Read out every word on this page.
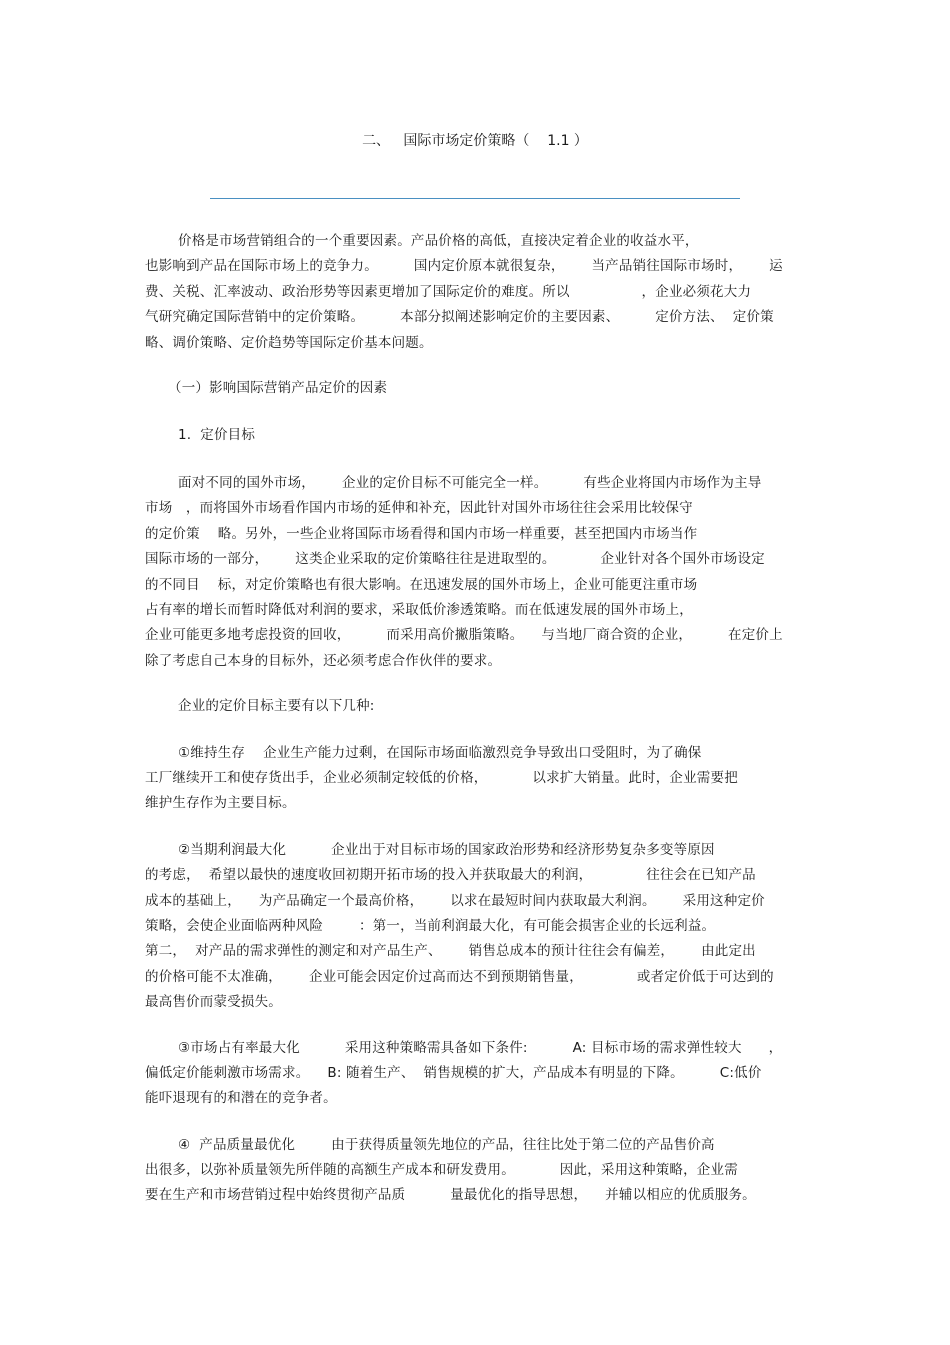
二、   国际市场定价策略（    1.1 ）
价格是市场营销组合的一个重要因素。产品价格的高低，直接决定着企业的收益水平，
也影响到产品在国际市场上的竞争力。        国内定价原本就很复杂，      当产品销往国际市场时，      运
费、关税、汇率波动、政治形势等因素更增加了国际定价的难度。所以                ，企业必须花大力
气研究确定国际营销中的定价策略。        本部分拟阐述影响定价的主要因素、        定价方法、  定价策
略、调价策略、定价趋势等国际定价基本问题。
（一）影响国际营销产品定价的因素
1.  定价目标
面对不同的国外市场，      企业的定价目标不可能完全一样。        有些企业将国内市场作为主导
市场   ，而将国外市场看作国内市场的延伸和补充，因此针对国外市场往往会采用比较保守
的定价策    略。另外，一些企业将国际市场看得和国内市场一样重要，甚至把国内市场当作
国际市场的一部分，      这类企业采取的定价策略往往是进取型的。          企业针对各个国外市场设定
的不同目    标，对定价策略也有很大影响。在迅速发展的国外市场上，企业可能更注重市场
占有率的增长而暂时降低对利润的要求，采取低价渗透策略。而在低速发展的国外市场上，
企业可能更多地考虑投资的回收，        而采用高价撇脂策略。    与当地厂商合资的企业，        在定价上
除了考虑自己本身的目标外，还必须考虑合作伙伴的要求。
企业的定价目标主要有以下几种:
①维持生存    企业生产能力过剩，在国际市场面临激烈竞争导致出口受阻时，为了确保
工厂继续开工和使存货出手，企业必须制定较低的价格，          以求扩大销量。此时，企业需要把
维护生存作为主要目标。
②当期利润最大化          企业出于对目标市场的国家政治形势和经济形势复杂多变等原因
的考虑，  希望以最快的速度收回初期开拓市场的投入并获取最大的利润，            往往会在已知产品
成本的基础上，    为产品确定一个最高价格，      以求在最短时间内获取最大利润。      采用这种定价
策略，会使企业面临两种风险        ：第一，当前利润最大化，有可能会损害企业的长远利益。
第二，  对产品的需求弹性的测定和对产品生产、      销售总成本的预计往往会有偏差，      由此定出
的价格可能不太准确，      企业可能会因定价过高而达不到预期销售量，            或者定价低于可达到的
最高售价而蒙受损失。
③市场占有率最大化          采用这种策略需具备如下条件:          A: 目标市场的需求弹性较大      ，
偏低定价能刺激市场需求。    B: 随着生产、  销售规模的扩大，产品成本有明显的下降。        C:低价
能吓退现有的和潜在的竞争者。
④  产品质量最优化        由于获得质量领先地位的产品，往往比处于第二位的产品售价高
出很多，以弥补质量领先所伴随的高额生产成本和研发费用。          因此，采用这种策略，企业需
要在生产和市场营销过程中始终贯彻产品质          量最优化的指导思想，    并辅以相应的优质服务。
